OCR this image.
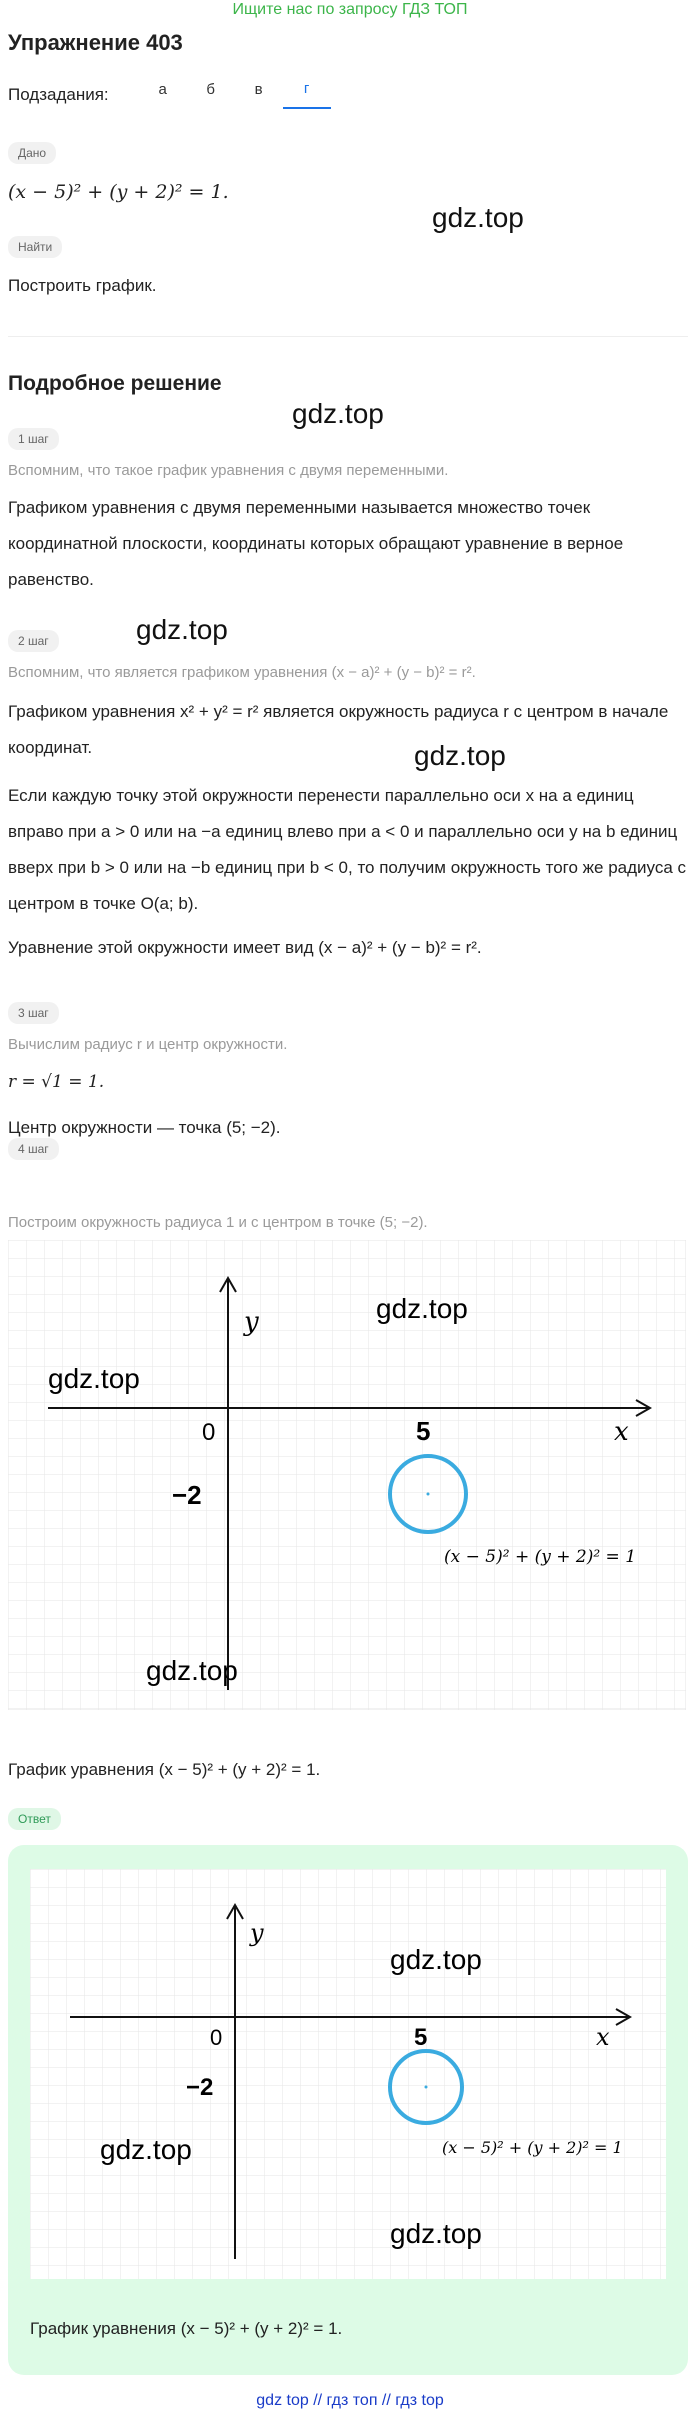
Ищите нас по запросу ГДЗ ТОП
Упражнение 403
Подзадания:	а	б	в	г
Дано
(x − 5)² + (y + 2)² = 1.
gdz.top
Найти
Построить график.
Подробное решение
gdz.top
1 шаг
Вспомним, что такое график уравнения с двумя переменными.
Графиком уравнения с двумя переменными называется множество точек координатной плоскости, координаты которых обращают уравнение в верное равенство.
gdz.top
2 шаг
Вспомним, что является графиком уравнения (x − a)² + (y − b)² = r².
Графиком уравнения x² + y² = r² является окружность радиуса r с центром в начале координат.	gdz.top
Если каждую точку этой окружности перенести параллельно оси x на a единиц вправо при a > 0 или на −a единиц влево при a < 0 и параллельно оси y на b единиц вверх при b > 0 или на −b единиц при b < 0, то получим окружность того же радиуса с центром в точке O(a; b).
Уравнение этой окружности имеет вид (x − a)² + (y − b)² = r².
3 шаг
Вычислим радиус r и центр окружности.
r = √1 = 1.
Центр окружности — точка (5; −2).
4 шаг
Построим окружность радиуса 1 и с центром в точке (5; −2).
y
x
0	5
−2
(x − 5)² + (y + 2)² = 1
gdz.top
gdz.top
gdz.top
График уравнения (x − 5)² + (y + 2)² = 1.
Ответ
y
x
0	5
−2
(x − 5)² + (y + 2)² = 1
gdz.top
gdz.top
gdz.top
График уравнения (x − 5)² + (y + 2)² = 1.
gdz top // гдз топ // гдз top
